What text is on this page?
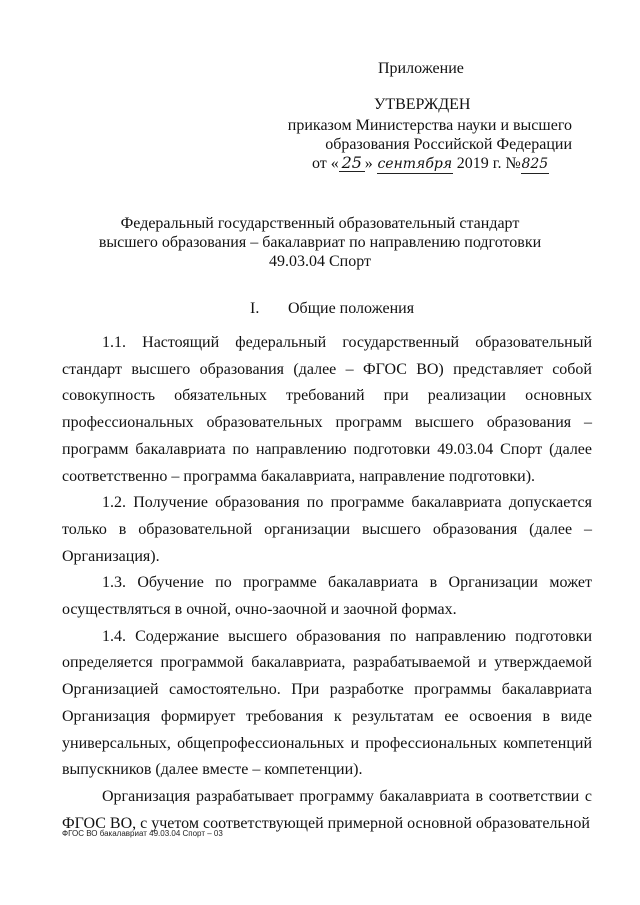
Приложение
УТВЕРЖДЕН
приказом Министерства науки и высшего
образования Российской Федерации
от « 25 » сентября 2019 г. №825
Федеральный государственный образовательный стандарт
высшего образования – бакалавриат по направлению подготовки
49.03.04 Спорт
I. Общие положения

1.1. Настоящий федеральный государственный образовательный стандарт высшего образования (далее – ФГОС ВО) представляет собой совокупность обязательных требований при реализации основных профессиональных образовательных программ высшего образования – программ бакалавриата по направлению подготовки 49.03.04 Спорт (далее соответственно – программа бакалавриата, направление подготовки).

1.2. Получение образования по программе бакалавриата допускается только в образовательной организации высшего образования (далее – Организация).

1.3. Обучение по программе бакалавриата в Организации может осуществляться в очной, очно-заочной и заочной формах.

1.4. Содержание высшего образования по направлению подготовки определяется программой бакалавриата, разрабатываемой и утверждаемой Организацией самостоятельно. При разработке программы бакалавриата Организация формирует требования к результатам ее освоения в виде универсальных, общепрофессиональных и профессиональных компетенций выпускников (далее вместе – компетенции).

Организация разрабатывает программу бакалавриата в соответствии с ФГОС ВО, с учетом соответствующей примерной основной образовательной

ФГОС ВО бакалавриат 49.03.04 Спорт – 03
